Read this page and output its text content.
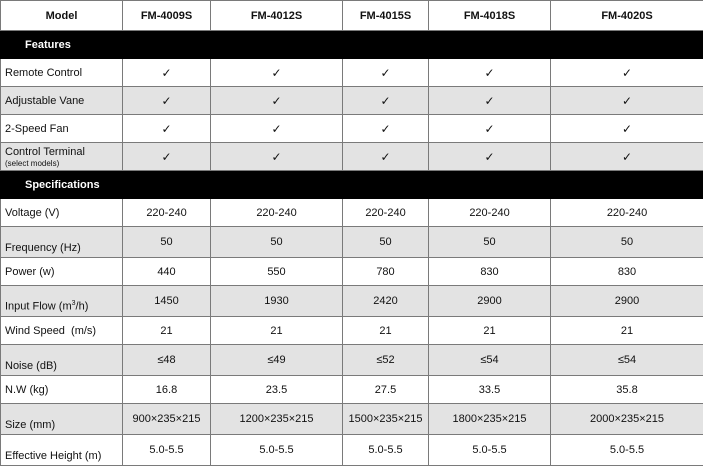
Model	FM-4009S	FM-4012S	FM-4015S	FM-4018S	FM-4020S
Features					
Remote Control	✓	✓	✓	✓	✓
Adjustable Vane	✓	✓	✓	✓	✓
2-Speed Fan	✓	✓	✓	✓	✓

Control Terminal
(select models)	✓	✓	✓	✓	✓
Specifications					
Voltage (V)	220-240	220-240	220-240	220-240	220-240
Frequency (Hz)	50	50	50	50	50
Power (w)	440	550	780	830	830
Input Flow $(m^3/h)$	1450	1930	2420	2900	2900
Wind Speed  (m/s)	21	21	21	21	21
Noise (dB)	≤48	≤49	≤52	≤54	≤54
N.W (kg)	16.8	23.5	27.5	33.5	35.8
Size (mm)	900×235×215	1200×235×215	1500×235×215	1800×235×215	2000×235×215
Effective Height (m)	5.0-5.5	5.0-5.5	5.0-5.5	5.0-5.5	5.0-5.5
